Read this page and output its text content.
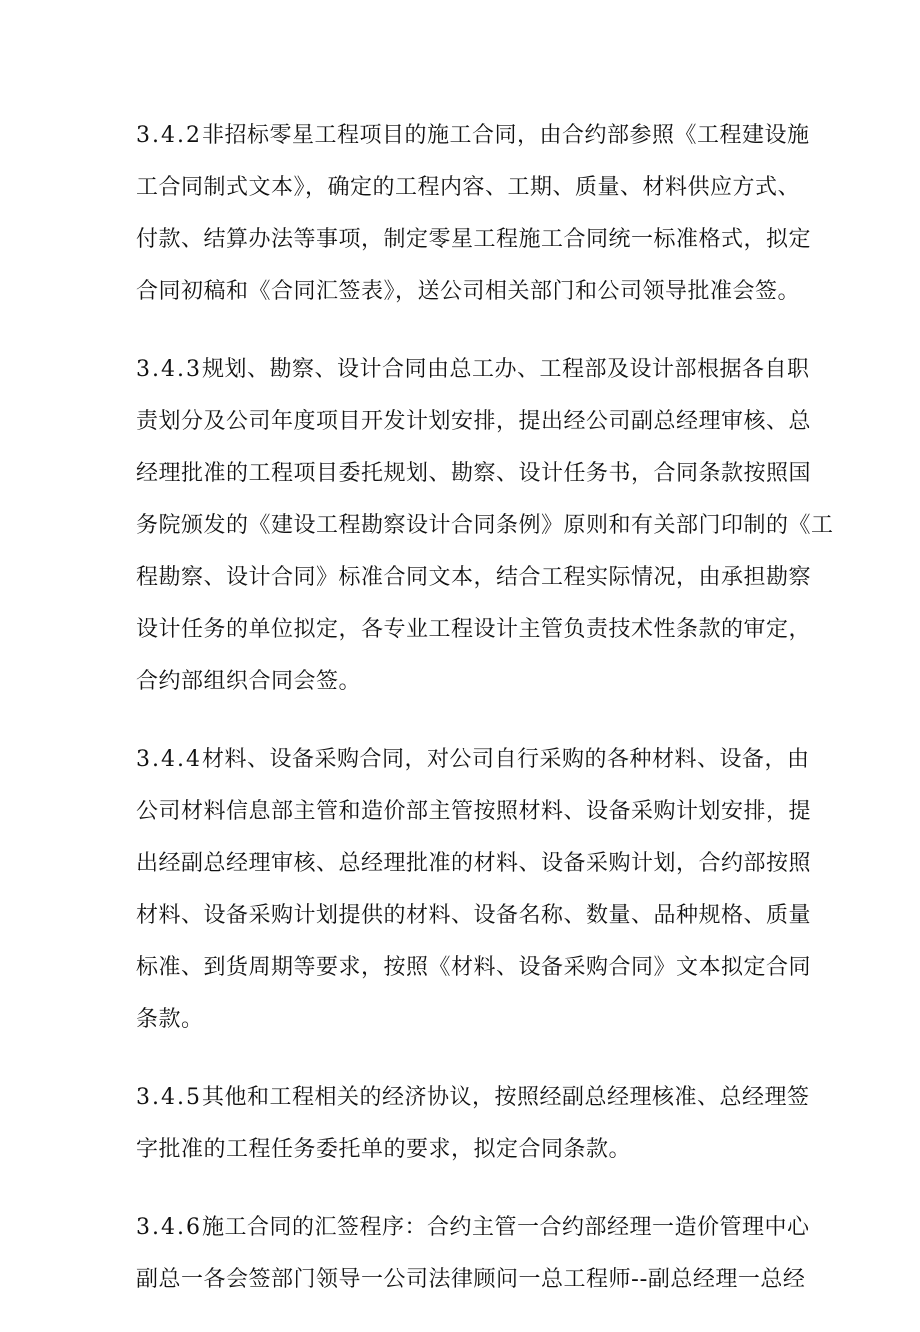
3.4.2非招标零星工程项目的施工合同，由合约部参照《工程建设施
工合同制式文本》，确定的工程内容、工期、质量、材料供应方式、
付款、结算办法等事项，制定零星工程施工合同统一标准格式，拟定
合同初稿和《合同汇签表》，送公司相关部门和公司领导批准会签。
3.4.3规划、勘察、设计合同由总工办、工程部及设计部根据各自职
责划分及公司年度项目开发计划安排，提出经公司副总经理审核、总
经理批准的工程项目委托规划、勘察、设计任务书，合同条款按照国
务院颁发的《建设工程勘察设计合同条例》原则和有关部门印制的《工
程勘察、设计合同》标准合同文本，结合工程实际情况，由承担勘察
设计任务的单位拟定，各专业工程设计主管负责技术性条款的审定，
合约部组织合同会签。
3.4.4材料、设备采购合同，对公司自行采购的各种材料、设备，由
公司材料信息部主管和造价部主管按照材料、设备采购计划安排，提
出经副总经理审核、总经理批准的材料、设备采购计划，合约部按照
材料、设备采购计划提供的材料、设备名称、数量、品种规格、质量
标准、到货周期等要求，按照《材料、设备采购合同》文本拟定合同
条款。
3.4.5其他和工程相关的经济协议，按照经副总经理核准、总经理签
字批准的工程任务委托单的要求，拟定合同条款。
3.4.6施工合同的汇签程序：合约主管一合约部经理一造价管理中心
副总一各会签部门领导一公司法律顾问一总工程师--副总经理一总经
